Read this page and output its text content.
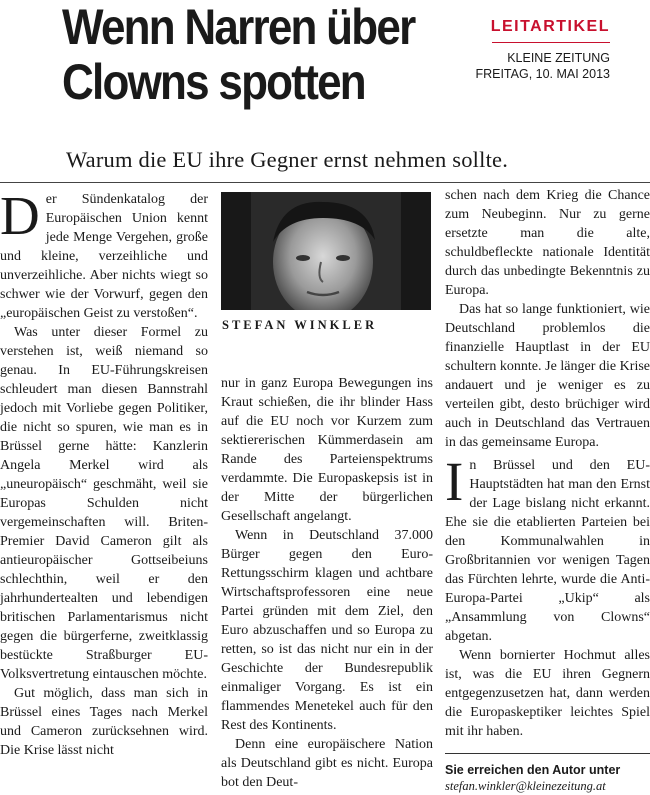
Wenn Narren über
Clowns spotten
LEITARTIKEL
KLEINE ZEITUNG
FREITAG, 10. MAI 2013
Warum die EU ihre Gegner ernst nehmen sollte.

Der Sündenkatalog der Europäischen Union kennt jede Menge Vergehen, große und kleine, verzeihliche und unverzeihliche. Aber nichts wiegt so schwer wie der Vorwurf, gegen den „europäischen Geist zu verstoßen“.

Was unter dieser Formel zu verstehen ist, weiß niemand so genau. In EU-Führungskreisen schleudert man diesen Bannstrahl jedoch mit Vorliebe gegen Politiker, die nicht so spuren, wie man es in Brüssel gerne hätte: Kanzlerin Angela Merkel wird als „uneuropäisch“ geschmäht, weil sie Europas Schulden nicht vergemeinschaften will. Briten-Premier David Cameron gilt als antieuropäischer Gottseibeiuns schlechthin, weil er den jahrhundertealten und lebendigen britischen Parlamentarismus nicht gegen die bürgerferne, zweitklassig bestückte Straßburger EU-Volksvertretung eintauschen möchte.

Gut möglich, dass man sich in Brüssel eines Tages nach Merkel und Cameron zurücksehnen wird. Die Krise lässt nicht

STEFAN WINKLER

nur in ganz Europa Bewegungen ins Kraut schießen, die ihr blinder Hass auf die EU noch vor Kurzem zum sektiererischen Kümmerdasein am Rande des Parteienspektrums verdammte. Die Europaskepsis ist in der Mitte der bürgerlichen Gesellschaft angelangt.

Wenn in Deutschland 37.000 Bürger gegen den Euro-Rettungsschirm klagen und achtbare Wirtschaftsprofessoren eine neue Partei gründen mit dem Ziel, den Euro abzuschaffen und so Europa zu retten, so ist das nicht nur ein in der Geschichte der Bundesrepublik einmaliger Vorgang. Es ist ein flammendes Menetekel auch für den Rest des Kontinents.

Denn eine europäischere Nation als Deutschland gibt es nicht. Europa bot den Deut-

schen nach dem Krieg die Chance zum Neubeginn. Nur zu gerne ersetzte man die alte, schuldbefleckte nationale Identität durch das unbedingte Bekenntnis zu Europa.

Das hat so lange funktioniert, wie Deutschland problemlos die finanzielle Hauptlast in der EU schultern konnte. Je länger die Krise andauert und je weniger es zu verteilen gibt, desto brüchiger wird auch in Deutschland das Vertrauen in das gemeinsame Europa.

In Brüssel und den EU-Hauptstädten hat man den Ernst der Lage bislang nicht erkannt. Ehe sie die etablierten Parteien bei den Kommunalwahlen in Großbritannien vor wenigen Tagen das Fürchten lehrte, wurde die Anti-Europa-Partei „Ukip“ als „Ansammlung von Clowns“ abgetan.

Wenn bornierter Hochmut alles ist, was die EU ihren Gegnern entgegenzusetzen hat, dann werden die Europaskeptiker leichtes Spiel mit ihr haben.

Sie erreichen den Autor unter
stefan.winkler@kleinezeitung.at
